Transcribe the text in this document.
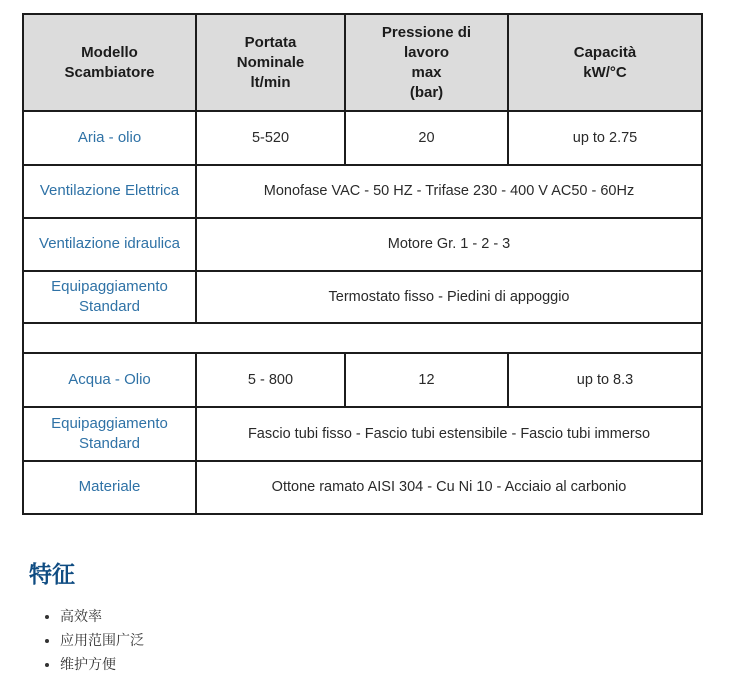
Modello
Scambiatore	Portata
Nominale
lt/min	Pressione di
lavoro
max
(bar)	Capacità
kW/°C
Aria - olio	5-520	20	up to 2.75
Ventilazione Elettrica	Monofase VAC - 50 HZ - Trifase 230 - 400 V AC50 - 60Hz		
Ventilazione idraulica	Motore Gr. 1 - 2 - 3		
Equipaggiamento
Standard	Termostato fisso - Piedini di appoggio		

Acqua - Olio	5 - 800	12	up to 8.3
Equipaggiamento
Standard	Fascio tubi fisso - Fascio tubi estensibile - Fascio tubi immerso		
Materiale	Ottone ramato AISI 304 - Cu Ni 10 - Acciaio al carbonio		
特征
• 高效率
• 应用范围广泛
• 维护方便
